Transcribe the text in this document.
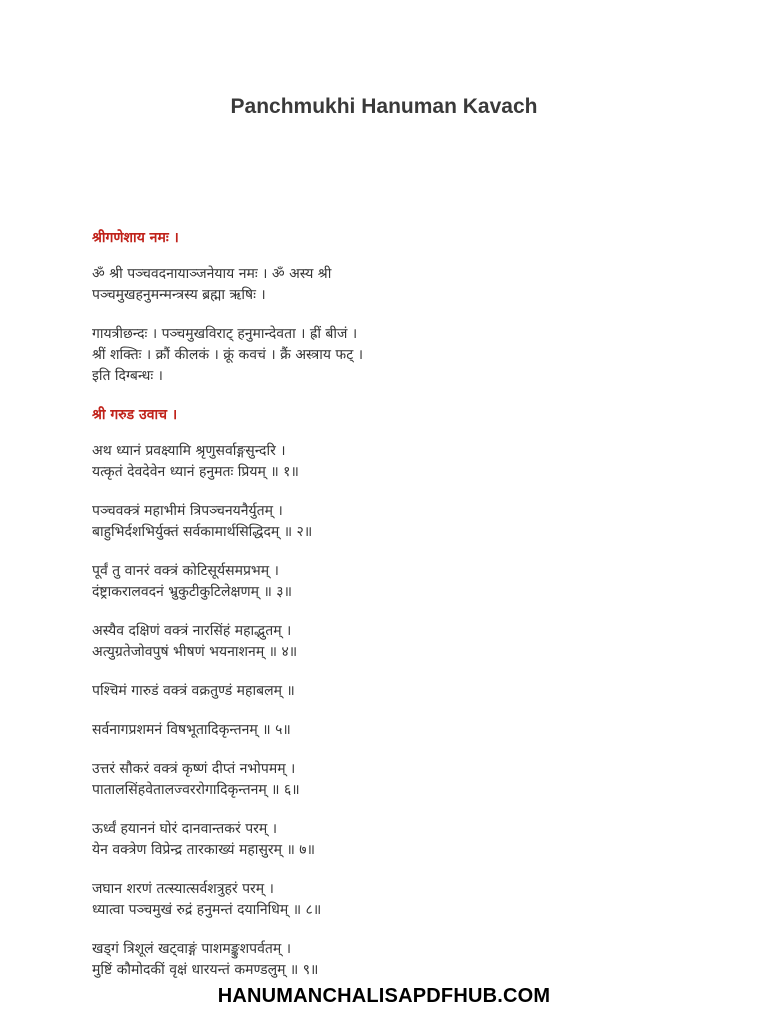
Panchmukhi Hanuman Kavach
श्रीगणेशाय नमः ।
ॐ श्री पञ्चवदनायाञ्जनेयाय नमः । ॐ अस्य श्री
पञ्चमुखहनुमन्मन्त्रस्य ब्रह्मा ऋषिः ।
गायत्रीछन्दः । पञ्चमुखविराट् हनुमान्देवता । ह्रीं बीजं ।
श्रीं शक्तिः । क्रौं कीलकं । क्रूं कवचं । क्रैं अस्त्राय फट् ।
इति दिग्बन्धः ।
श्री गरुड उवाच ।
अथ ध्यानं प्रवक्ष्यामि श्रृणुसर्वाङ्गसुन्दरि ।
यत्कृतं देवदेवेन ध्यानं हनुमतः प्रियम् ॥ १॥
पञ्चवक्त्रं महाभीमं त्रिपञ्चनयनैर्युतम् ।
बाहुभिर्दशभिर्युक्तं सर्वकामार्थसिद्धिदम् ॥ २॥
पूर्वं तु वानरं वक्त्रं कोटिसूर्यसमप्रभम् ।
दंष्ट्राकरालवदनं भ्रुकुटीकुटिलेक्षणम् ॥ ३॥
अस्यैव दक्षिणं वक्त्रं नारसिंहं महाद्भुतम् ।
अत्युग्रतेजोवपुषं भीषणं भयनाशनम् ॥ ४॥
पश्चिमं गारुडं वक्त्रं वक्रतुण्डं महाबलम् ॥
सर्वनागप्रशमनं विषभूतादिकृन्तनम् ॥ ५॥
उत्तरं सौकरं वक्त्रं कृष्णं दीप्तं नभोपमम् ।
पातालसिंहवेतालज्वररोगादिकृन्तनम् ॥ ६॥
ऊर्ध्वं हयाननं घोरं दानवान्तकरं परम् ।
येन वक्त्रेण विप्रेन्द्र तारकाख्यं महासुरम् ॥ ७॥
जघान शरणं तत्स्यात्सर्वशत्रुहरं परम् ।
ध्यात्वा पञ्चमुखं रुद्रं हनुमन्तं दयानिधिम् ॥ ८॥
खड्गं त्रिशूलं खट्वाङ्गं पाशमङ्कुशपर्वतम् ।
मुष्टिं कौमोदकीं वृक्षं धारयन्तं कमण्डलुम् ॥ ९॥
HANUMANCHALISAPDFHUB.COM
